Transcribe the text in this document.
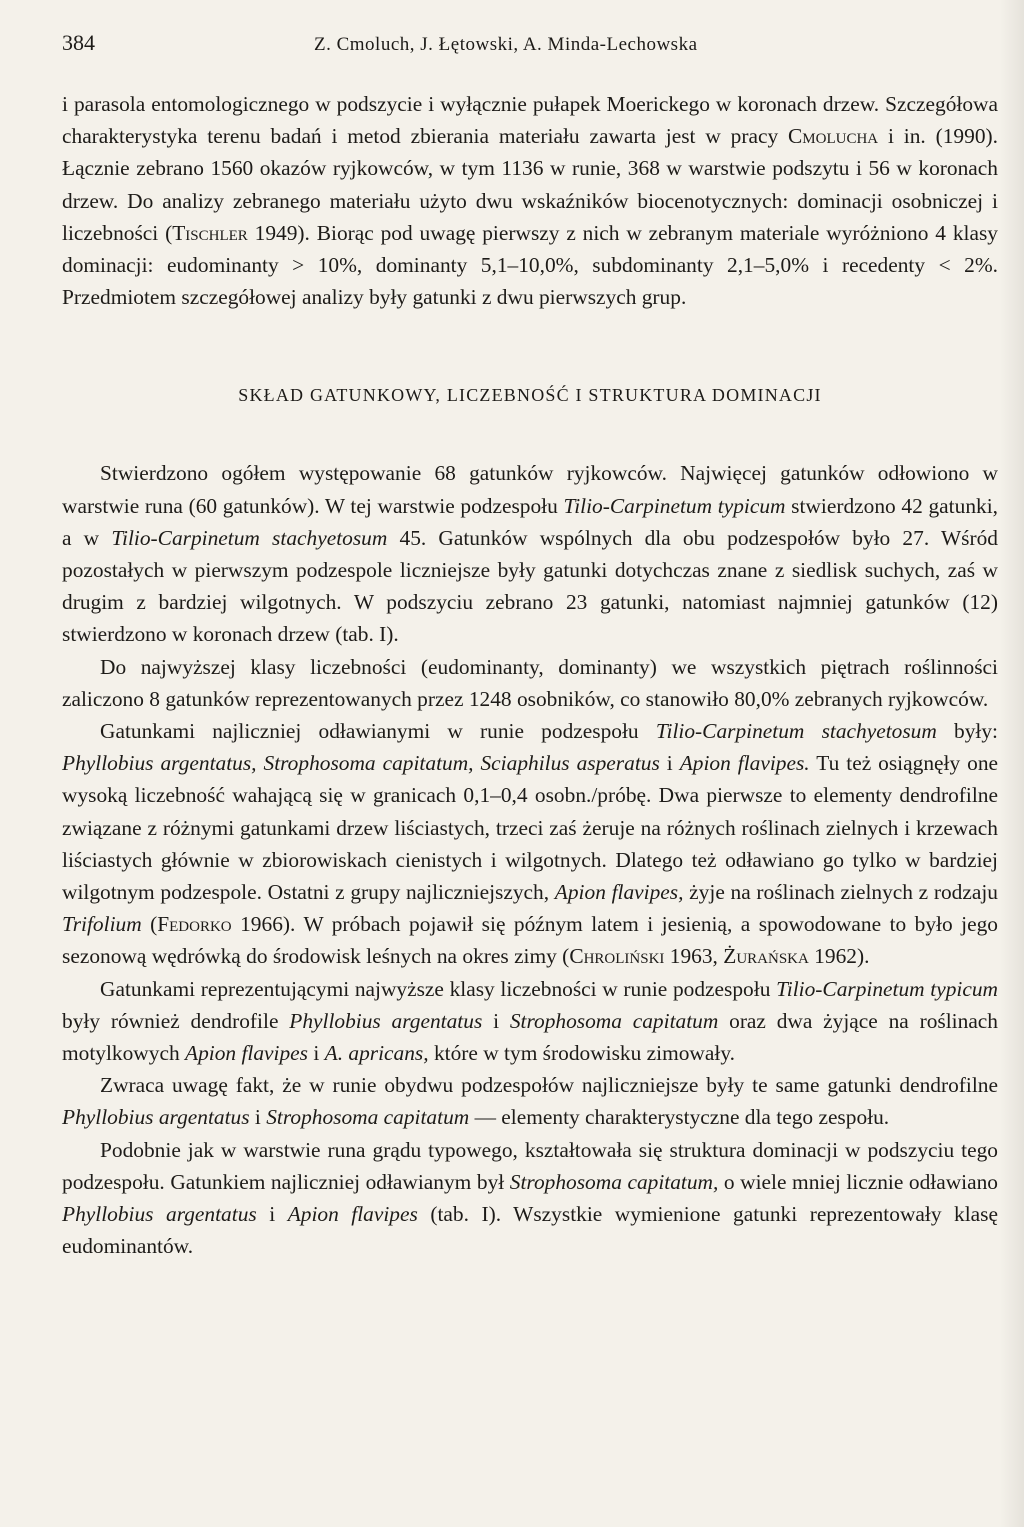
384	Z. Cmoluch, J. Łętowski, A. Minda-Lechowska

i parasola entomologicznego w podszycie i wyłącznie pułapek Moerickego w koronach drzew. Szczegółowa charakterystyka terenu badań i metod zbierania materiału zawarta jest w pracy Cmolucha i in. (1990). Łącznie zebrano 1560 okazów ryjkowców, w tym 1136 w runie, 368 w warstwie podszytu i 56 w koronach drzew. Do analizy zebranego materiału użyto dwu wskaźników biocenotycznych: dominacji osobniczej i liczebności (Tischler 1949). Biorąc pod uwagę pierwszy z nich w zebranym materiale wyróżniono 4 klasy dominacji: eudominanty > 10%, dominanty 5,1–10,0%, subdominanty 2,1–5,0% i recedenty < 2%. Przedmiotem szczegółowej analizy były gatunki z dwu pierwszych grup.

SKŁAD GATUNKOWY, LICZEBNOŚĆ I STRUKTURA DOMINACJI

Stwierdzono ogółem występowanie 68 gatunków ryjkowców. Najwięcej gatunków odłowiono w warstwie runa (60 gatunków). W tej warstwie podzespołu Tilio-Carpinetum typicum stwierdzono 42 gatunki, a w Tilio-Carpinetum stachyetosum 45. Gatunków wspólnych dla obu podzespołów było 27. Wśród pozostałych w pierwszym podzespole liczniejsze były gatunki dotychczas znane z siedlisk suchych, zaś w drugim z bardziej wilgotnych. W podszyciu zebrano 23 gatunki, natomiast najmniej gatunków (12) stwierdzono w koronach drzew (tab. I).

Do najwyższej klasy liczebności (eudominanty, dominanty) we wszystkich piętrach roślinności zaliczono 8 gatunków reprezentowanych przez 1248 osobników, co stanowiło 80,0% zebranych ryjkowców.

Gatunkami najliczniej odławianymi w runie podzespołu Tilio-Carpinetum stachyetosum były: Phyllobius argentatus, Strophosoma capitatum, Sciaphilus asperatus i Apion flavipes. Tu też osiągnęły one wysoką liczebność wahającą się w granicach 0,1–0,4 osobn./próbę. Dwa pierwsze to elementy dendrofilne związane z różnymi gatunkami drzew liściastych, trzeci zaś żeruje na różnych roślinach zielnych i krzewach liściastych głównie w zbiorowiskach cienistych i wilgotnych. Dlatego też odławiano go tylko w bardziej wilgotnym podzespole. Ostatni z grupy najliczniejszych, Apion flavipes, żyje na roślinach zielnych z rodzaju Trifolium (Fedorko 1966). W próbach pojawił się późnym latem i jesienią, a spowodowane to było jego sezonową wędrówką do środowisk leśnych na okres zimy (Chroliński 1963, Żurańska 1962).

Gatunkami reprezentującymi najwyższe klasy liczebności w runie podzespołu Tilio-Carpinetum typicum były również dendrofile Phyllobius argentatus i Strophosoma capitatum oraz dwa żyjące na roślinach motylkowych Apion flavipes i A. apricans, które w tym środowisku zimowały.

Zwraca uwagę fakt, że w runie obydwu podzespołów najliczniejsze były te same gatunki dendrofilne Phyllobius argentatus i Strophosoma capitatum — elementy charakterystyczne dla tego zespołu.

Podobnie jak w warstwie runa grądu typowego, kształtowała się struktura dominacji w podszyciu tego podzespołu. Gatunkiem najliczniej odławianym był Strophosoma capitatum, o wiele mniej licznie odławiano Phyllobius argentatus i Apion flavipes (tab. I). Wszystkie wymienione gatunki reprezentowały klasę eudominantów.
